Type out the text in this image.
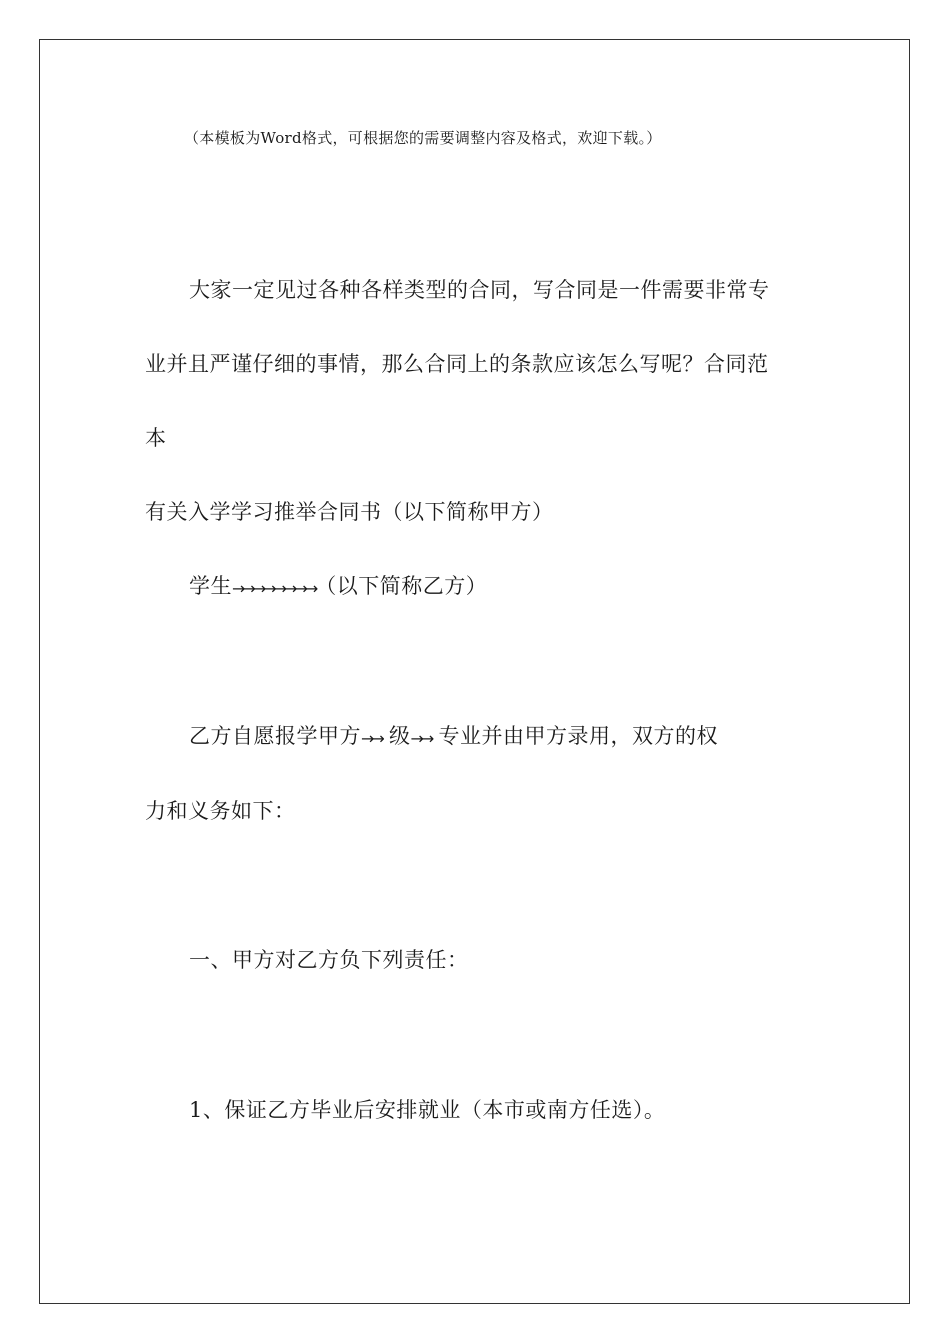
（本模板为Word格式，可根据您的需要调整内容及格式，欢迎下载。）
大家一定见过各种各样类型的合同，写合同是一件需要非常专
业并且严谨仔细的事情，那么合同上的条款应该怎么写呢？合同范
本
有关入学学习推举合同书（以下简称甲方）
学生→→→→→→→→（以下简称乙方）
乙方自愿报学甲方→→ 级→→ 专业并由甲方录用，双方的权
力和义务如下：
一、甲方对乙方负下列责任：
1、保证乙方毕业后安排就业（本市或南方任选）。
